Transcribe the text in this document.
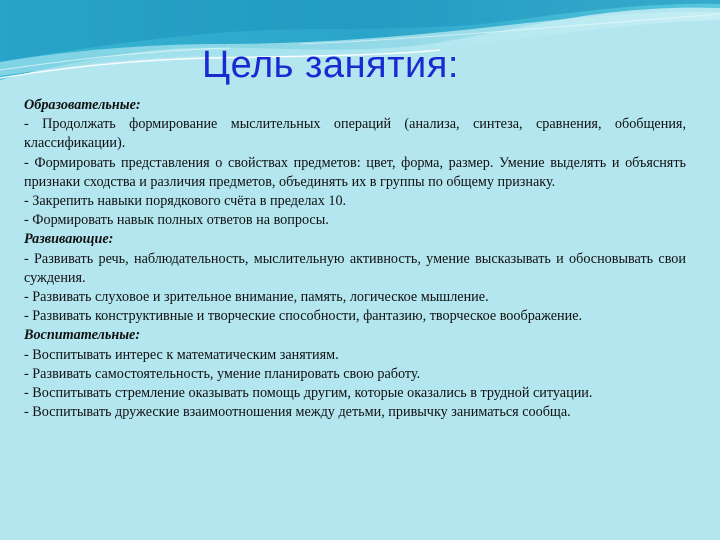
Цель занятия:

Образовательные:

- Продолжать формирование мыслительных операций (анализа, синтеза, сравнения, обобщения, классификации).

- Формировать представления о свойствах предметов: цвет, форма, размер. Умение выделять и объяснять признаки сходства и различия предметов, объединять их в группы по общему признаку.

- Закрепить навыки порядкового счёта в пределах 10.

- Формировать навык полных ответов на вопросы.

Развивающие:

- Развивать речь, наблюдательность, мыслительную активность, умение высказывать и обосновывать свои суждения.

- Развивать слуховое и зрительное внимание, память, логическое мышление.

- Развивать конструктивные и творческие способности, фантазию, творческое воображение.

Воспитательные:

- Воспитывать интерес к математическим занятиям.

- Развивать самостоятельность, умение планировать свою работу.

- Воспитывать стремление оказывать помощь другим, которые оказались в трудной ситуации.

- Воспитывать дружеские взаимоотношения между детьми, привычку заниматься сообща.
